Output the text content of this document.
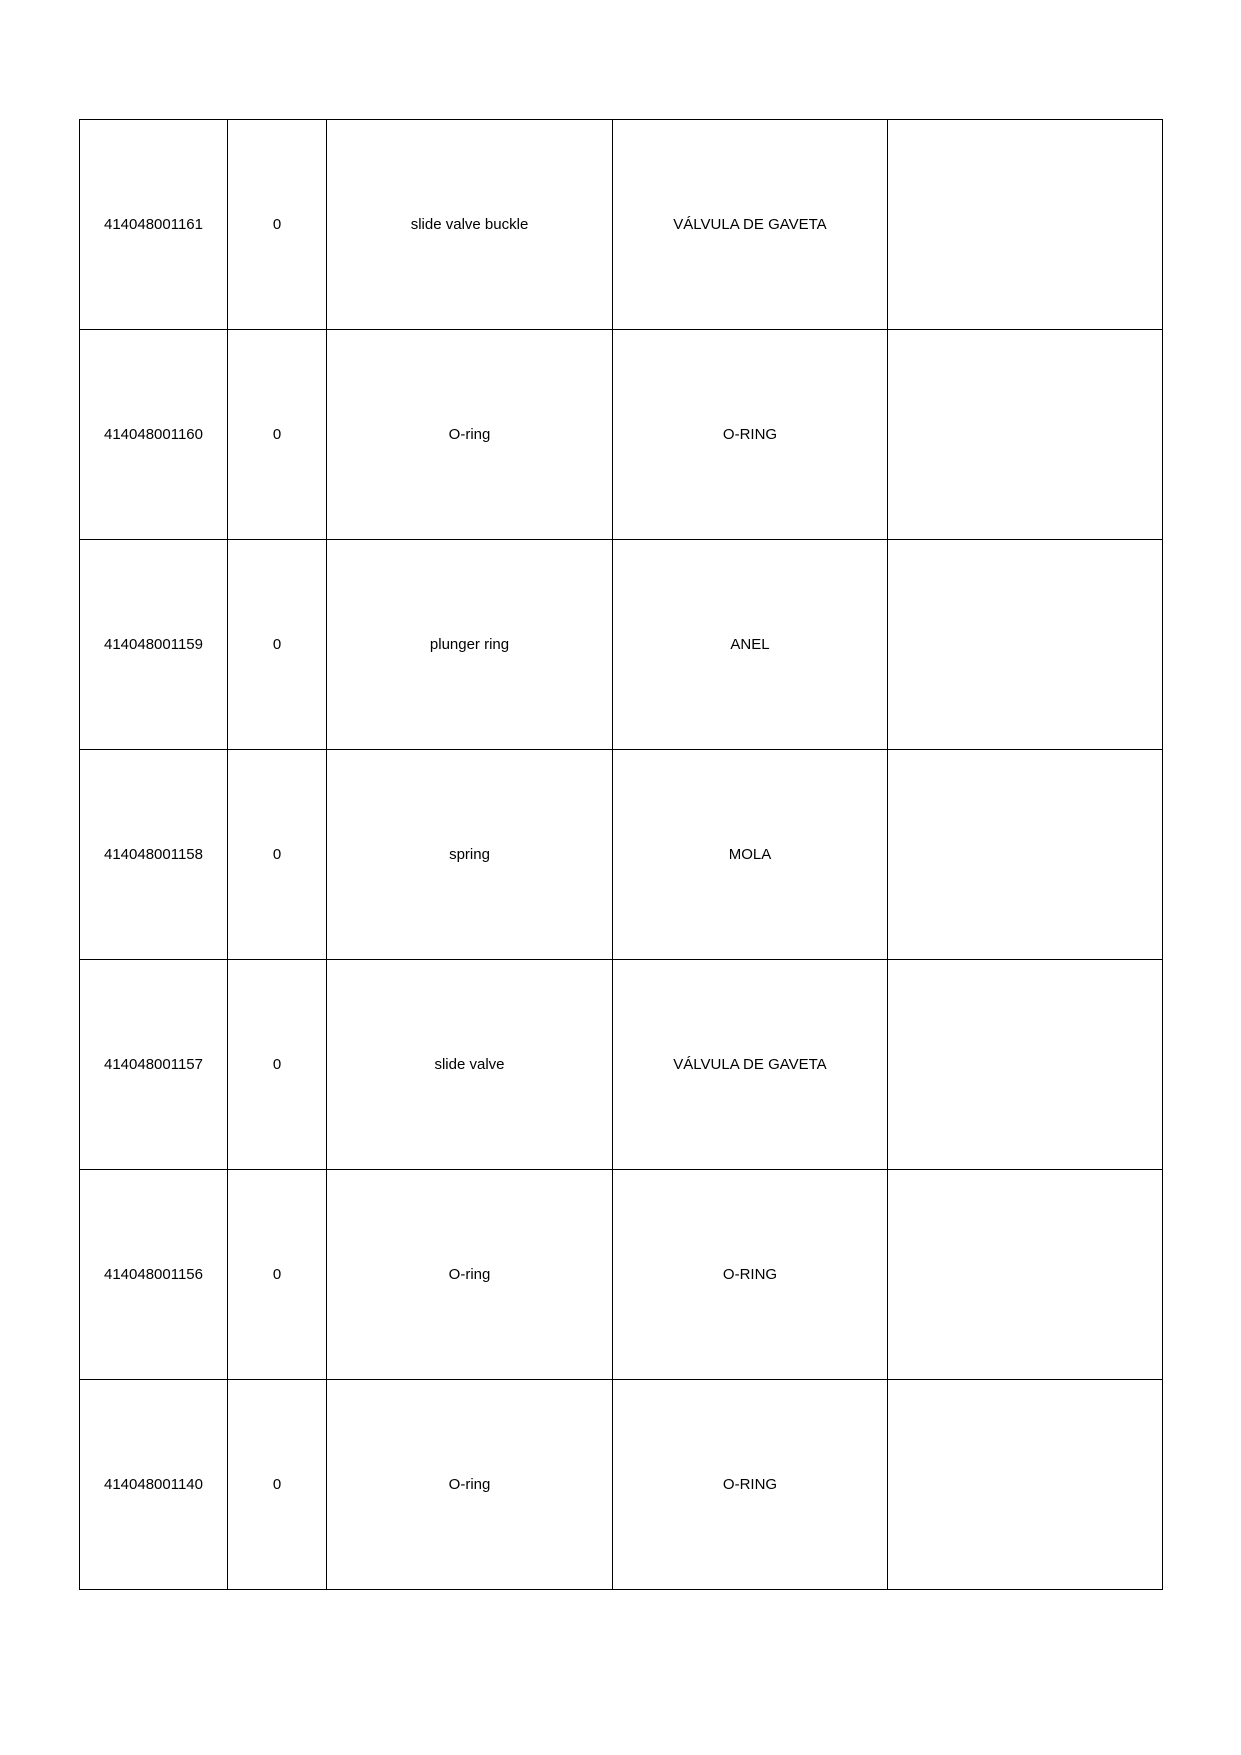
414048001161	0	slide valve buckle	VÁLVULA DE GAVETA	
414048001160	0	O-ring	O-RING	
414048001159	0	plunger ring	ANEL	
414048001158	0	spring	MOLA	
414048001157	0	slide valve	VÁLVULA DE GAVETA	
414048001156	0	O-ring	O-RING	
414048001140	0	O-ring	O-RING	
